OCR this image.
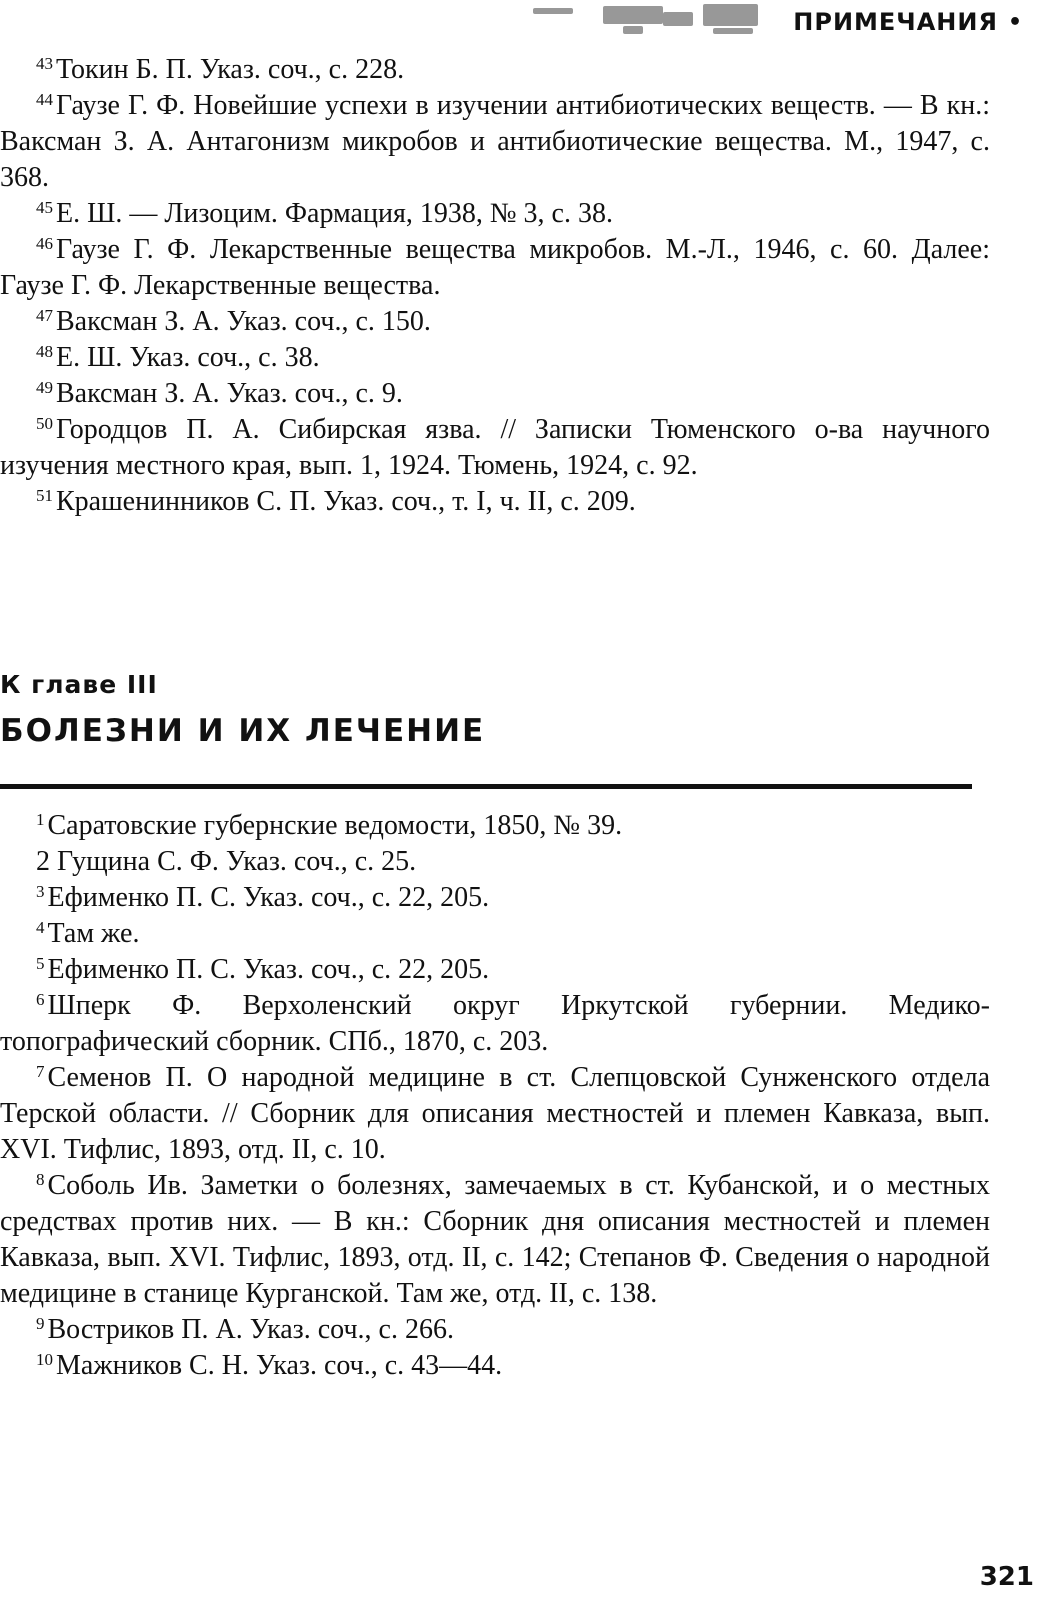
ПРИМЕЧАНИЯ •

$^{43}$ Токин Б. П. Указ. соч., с. 228.

$^{44}$ Гаузе Г. Ф. Новейшие успехи в изучении антибиотических веществ. — В кн.: Ваксман З. А. Антагонизм микробов и антибиотические вещества. М., 1947, с. 368.

$^{45}$ Е. Ш. — Лизоцим. Фармация, 1938, № 3, с. 38.

$^{46}$ Гаузе Г. Ф. Лекарственные вещества микробов. М.-Л., 1946, с. 60. Далее: Гаузе Г. Ф. Лекарственные вещества.

$^{47}$ Ваксман З. А. Указ. соч., с. 150.

$^{48}$ Е. Ш. Указ. соч., с. 38.

$^{49}$ Ваксман З. А. Указ. соч., с. 9.

$^{50}$ Городцов П. А. Сибирская язва. // Записки Тюменского о-ва научного изучения местного края, вып. 1, 1924. Тюмень, 1924, с. 92.

$^{51}$ Крашенинников С. П. Указ. соч., т. I, ч. II, с. 209.

К главе III
БОЛЕЗНИ И ИХ ЛЕЧЕНИЕ

$^1$ Саратовские губернские ведомости, 1850, № 39.

2 Гущина С. Ф. Указ. соч., с. 25.

$^3$ Ефименко П. С. Указ. соч., с. 22, 205.

$^4$ Там же.

$^5$ Ефименко П. С. Указ. соч., с. 22, 205.

$^6$ Шперк Ф. Верхоленский округ Иркутской губернии. Медико-топографический сборник. СПб., 1870, с. 203.

$^7$ Семенов П. О народной медицине в ст. Слепцовской Сунженского отдела Терской области. // Сборник для описания местностей и племен Кавказа, вып. XVI. Тифлис, 1893, отд. II, с. 10.

$^8$ Соболь Ив. Заметки о болезнях, замечаемых в ст. Кубанской, и о местных средствах против них. — В кн.: Сборник дня описания местностей и племен Кавказа, вып. XVI. Тифлис, 1893, отд. II, с. 142; Степанов Ф. Сведения о народной медицине в станице Курганской. Там же, отд. II, с. 138.

$^9$ Востриков П. А. Указ. соч., с. 266.

$^{10}$ Мажников С. Н. Указ. соч., с. 43—44.

321
